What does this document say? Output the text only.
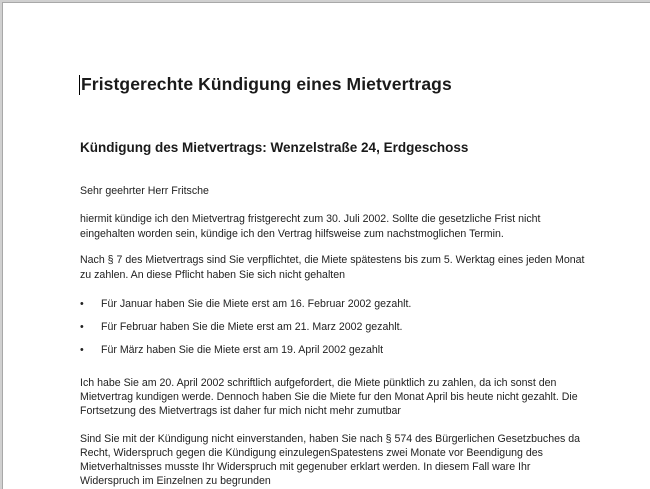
Fristgerechte Kündigung eines Mietvertrags
Kündigung des Mietvertrags: Wenzelstraße 24, Erdgeschoss
Sehr geehrter Herr Fritsche
hiermit kündige ich den Mietvertrag fristgerecht zum 30. Juli 2002. Sollte die gesetzliche Frist nicht
eingehalten worden sein, kündige ich den Vertrag hilfsweise zum nachstmoglichen Termin.
Nach § 7 des Mietvertrags sind Sie verpflichtet, die Miete spätestens bis zum 5. Werktag eines jeden Monat
zu zahlen. An diese Pflicht haben Sie sich nicht gehalten
•	Für Januar haben Sie die Miete erst am 16. Februar 2002 gezahlt.
•	Für Februar haben Sie die Miete erst am 21. Marz 2002 gezahlt.
•	Für März haben Sie die Miete erst am 19. April 2002 gezahlt
Ich habe Sie am 20. April 2002 schriftlich aufgefordert, die Miete pünktlich zu zahlen, da ich sonst den
Mietvertrag kundigen werde. Dennoch haben Sie die Miete fur den Monat April bis heute nicht gezahlt. Die
Fortsetzung des Mietvertrags ist daher fur mich nicht mehr zumutbar
Sind Sie mit der Kündigung nicht einverstanden, haben Sie nach § 574 des Bürgerlichen Gesetzbuches da
Recht, Widerspruch gegen die Kündigung einzulegenSpatestens zwei Monate vor Beendigung des
Mietverhaltnisses musste Ihr Widerspruch mit gegenuber erklart werden. In diesem Fall ware Ihr
Widerspruch im Einzelnen zu begrunden
